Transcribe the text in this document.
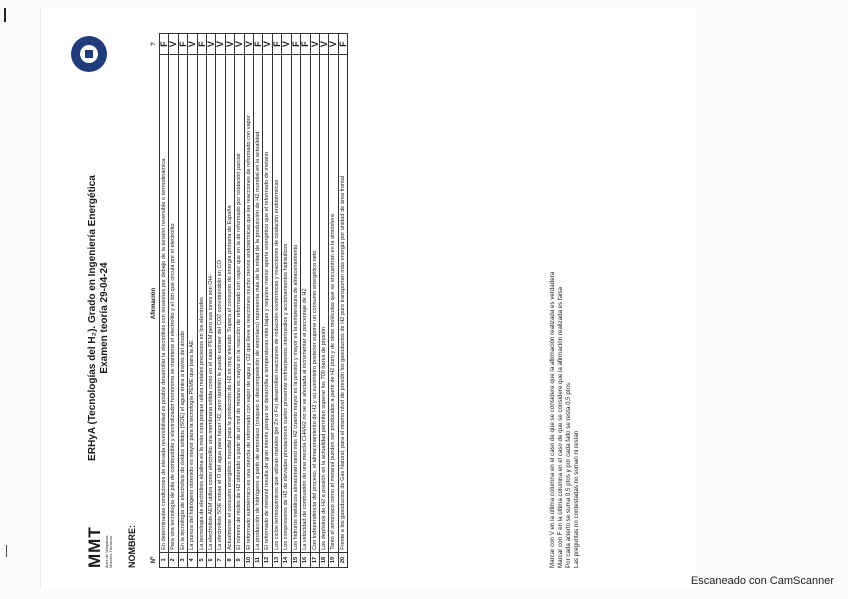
MMT Área de Máquinas Motores Térmicos
ERHyA (Tecnologías del H₂). Grado en Ingeniería Energética Examen teoría 29-04-24
NOMBRE: Nº	Afirmación	?
1	En determinadas condiciones de elevada reversibilidad es posible desarrollar la electrólisis con tensiones por debajo de la tensión reversible o termodinámica.	F
2	Para una tecnología de pila de combustible y electrolizador homónima se mantiene el electrolito y el ión que circula por el electrolito	V
3	En la tecnología de electrolisis de óxidos sólidos (SOE) el agua entra a través del ánodo	F
4	La pureza del hidrógeno obtenido es mayor para la tecnología PEME que para la AE	V
5	La tecnología de electrólisis alcalina es la más cara porque utiliza metales preciosos en los electrodos	F
6	La electrolisis AEM utiliza como electrolito una membrana sólida como en el caso PEM pero sus iones son OH-	V
7	La electrolisis SOE extrae el O del agua para hacer H2, pero también le puede extraer del CO2 convirtiéndolo en CO	V
8	Actualmente el consumo energético mundial para la producción de H2 es muy elevado. Supera el consumo de energía primaria de España	V
9	El número de moles de H2 obtenido a partir de un mol de metano es mayor en la reacción de reformado con vapor que en la de reformado por oxidación parcial	V
10	El reformado autotérmico es una mezcla de reformado con vapor de agua y O2 que lleva a reacciones mucho menos endotérmicas que las reacciones de reformado con vapor	V
11	La producción de hidrógeno a partir de amoníaco (craqueo o descomposición de amoníaco) representa más de la mitad de la producción de H2 mundial en la actualidad	F
12	El reformado de metanol resulta de gran interés porque se desarrolla a temperaturas más bajas y requiere menor aporte energético que el reformado de metano	V
13	Los ciclos termoquímicos que utilizan metales (pe Zn o Fe) desarrollan reacciones de reducción exotérmicas y reacciones de oxidación endotérmicas	F
14	Los compresores de H2 de elevadas prestaciones suelen presentar enfriamientos intermedios y accionamientos hidráulicos	V
15	Los hidruros metálicos almacenan tanto más H2 cuanto mayor es la presión y mayor es la temperatura de almacenamiento	F
16	La velocidad de combustión de una mezcla CH4/H2 no se ve afectada al incrementar el porcentaje de H2	F
17	Con independencia del proceso, el almacenamiento de H2 y su suministro posterior supone un consumo energético neto	V
18	Los depósitos de H2 a presión en la actualidad permiten superar los 700 bares de presión	V
19	Tanto el amoníaco como el metanol pueden ser producidos a partir de H2 puro y de otras moléculas que se encuentran en la atmósfera	V
20	Frente a los gasoductos de Gas Natural, para el mismo nivel de presión los gasoductos de H2 puro transportan más energía por unidad de área frontal	F
Marcar con V en la última columna en el caso de que se considere que la afirmación realizada es verdadera Marcar con F en la última columna en el caso de que se considere que la afirmación realizada es falsa Por cada acierto se suma 0,5 ptos y por cada fallo se resta 0,5 ptos. Las preguntas no contestadas no suman ni restan
Escaneado con CamScanner
